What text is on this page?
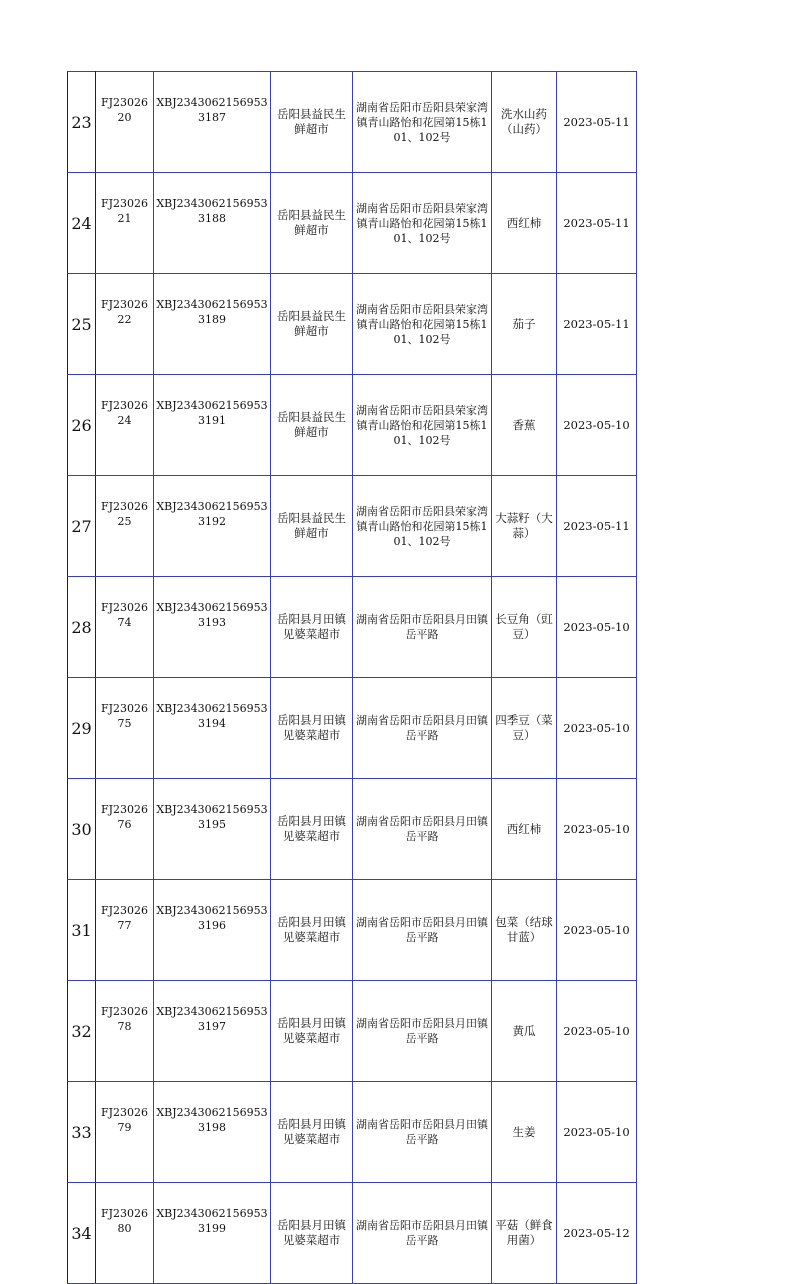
23	FJ2302620	XBJ23430621569533187	岳阳县益民生鲜超市	湖南省岳阳市岳阳县荣家湾镇青山路怡和花园第15栋101、102号	洗水山药（山药）	2023-05-11
24	FJ2302621	XBJ23430621569533188	岳阳县益民生鲜超市	湖南省岳阳市岳阳县荣家湾镇青山路怡和花园第15栋101、102号	西红柿	2023-05-11
25	FJ2302622	XBJ23430621569533189	岳阳县益民生鲜超市	湖南省岳阳市岳阳县荣家湾镇青山路怡和花园第15栋101、102号	茄子	2023-05-11
26	FJ2302624	XBJ23430621569533191	岳阳县益民生鲜超市	湖南省岳阳市岳阳县荣家湾镇青山路怡和花园第15栋101、102号	香蕉	2023-05-10
27	FJ2302625	XBJ23430621569533192	岳阳县益民生鲜超市	湖南省岳阳市岳阳县荣家湾镇青山路怡和花园第15栋101、102号	大蒜籽（大蒜）	2023-05-11
28	FJ2302674	XBJ23430621569533193	岳阳县月田镇见婆菜超市	湖南省岳阳市岳阳县月田镇岳平路	长豆角（豇豆）	2023-05-10
29	FJ2302675	XBJ23430621569533194	岳阳县月田镇见婆菜超市	湖南省岳阳市岳阳县月田镇岳平路	四季豆（菜豆）	2023-05-10
30	FJ2302676	XBJ23430621569533195	岳阳县月田镇见婆菜超市	湖南省岳阳市岳阳县月田镇岳平路	西红柿	2023-05-10
31	FJ2302677	XBJ23430621569533196	岳阳县月田镇见婆菜超市	湖南省岳阳市岳阳县月田镇岳平路	包菜（结球甘蓝）	2023-05-10
32	FJ2302678	XBJ23430621569533197	岳阳县月田镇见婆菜超市	湖南省岳阳市岳阳县月田镇岳平路	黄瓜	2023-05-10
33	FJ2302679	XBJ23430621569533198	岳阳县月田镇见婆菜超市	湖南省岳阳市岳阳县月田镇岳平路	生姜	2023-05-10
34	FJ2302680	XBJ23430621569533199	岳阳县月田镇见婆菜超市	湖南省岳阳市岳阳县月田镇岳平路	平菇（鲜食用菌）	2023-05-12
